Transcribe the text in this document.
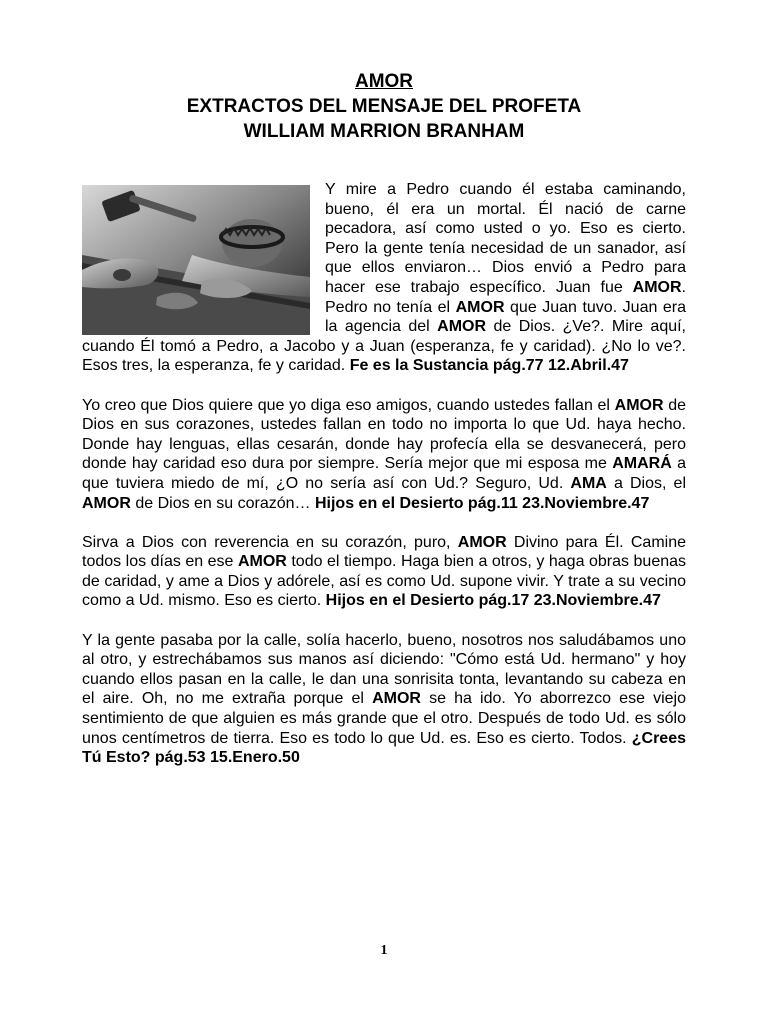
AMOR
EXTRACTOS DEL MENSAJE DEL PROFETA
WILLIAM MARRION BRANHAM

Y mire a Pedro cuando él estaba caminando, bueno, él era un mortal. Él nació de carne pecadora, así como usted o yo. Eso es cierto. Pero la gente tenía necesidad de un sanador, así que ellos enviaron… Dios envió a Pedro para hacer ese trabajo específico. Juan fue AMOR. Pedro no tenía el AMOR que Juan tuvo. Juan era la agencia del AMOR de Dios. ¿Ve?. Mire aquí, cuando Él tomó a Pedro, a Jacobo y a Juan (esperanza, fe y caridad). ¿No lo ve?. Esos tres, la esperanza, fe y caridad. Fe es la Sustancia pág.77 12.Abril.47

Yo creo que Dios quiere que yo diga eso amigos, cuando ustedes fallan el AMOR de Dios en sus corazones, ustedes fallan en todo no importa lo que Ud. haya hecho. Donde hay lenguas, ellas cesarán, donde hay profecía ella se desvanecerá, pero donde hay caridad eso dura por siempre. Sería mejor que mi esposa me AMARÁ a que tuviera miedo de mí, ¿O no sería así con Ud.? Seguro, Ud. AMA a Dios, el AMOR de Dios en su corazón… Hijos en el Desierto pág.11 23.Noviembre.47

Sirva a Dios con reverencia en su corazón, puro, AMOR Divino para Él. Camine todos los días en ese AMOR todo el tiempo. Haga bien a otros, y haga obras buenas de caridad, y ame a Dios y adórele, así es como Ud. supone vivir. Y trate a su vecino como a Ud. mismo. Eso es cierto. Hijos en el Desierto pág.17 23.Noviembre.47

Y la gente pasaba por la calle, solía hacerlo, bueno, nosotros nos saludábamos uno al otro, y estrechábamos sus manos así diciendo: "Cómo está Ud. hermano" y hoy cuando ellos pasan en la calle, le dan una sonrisita tonta, levantando su cabeza en el aire. Oh, no me extraña porque el AMOR se ha ido. Yo aborrezco ese viejo sentimiento de que alguien es más grande que el otro. Después de todo Ud. es sólo unos centímetros de tierra. Eso es todo lo que Ud. es. Eso es cierto. Todos. ¿Crees Tú Esto? pág.53 15.Enero.50

1
